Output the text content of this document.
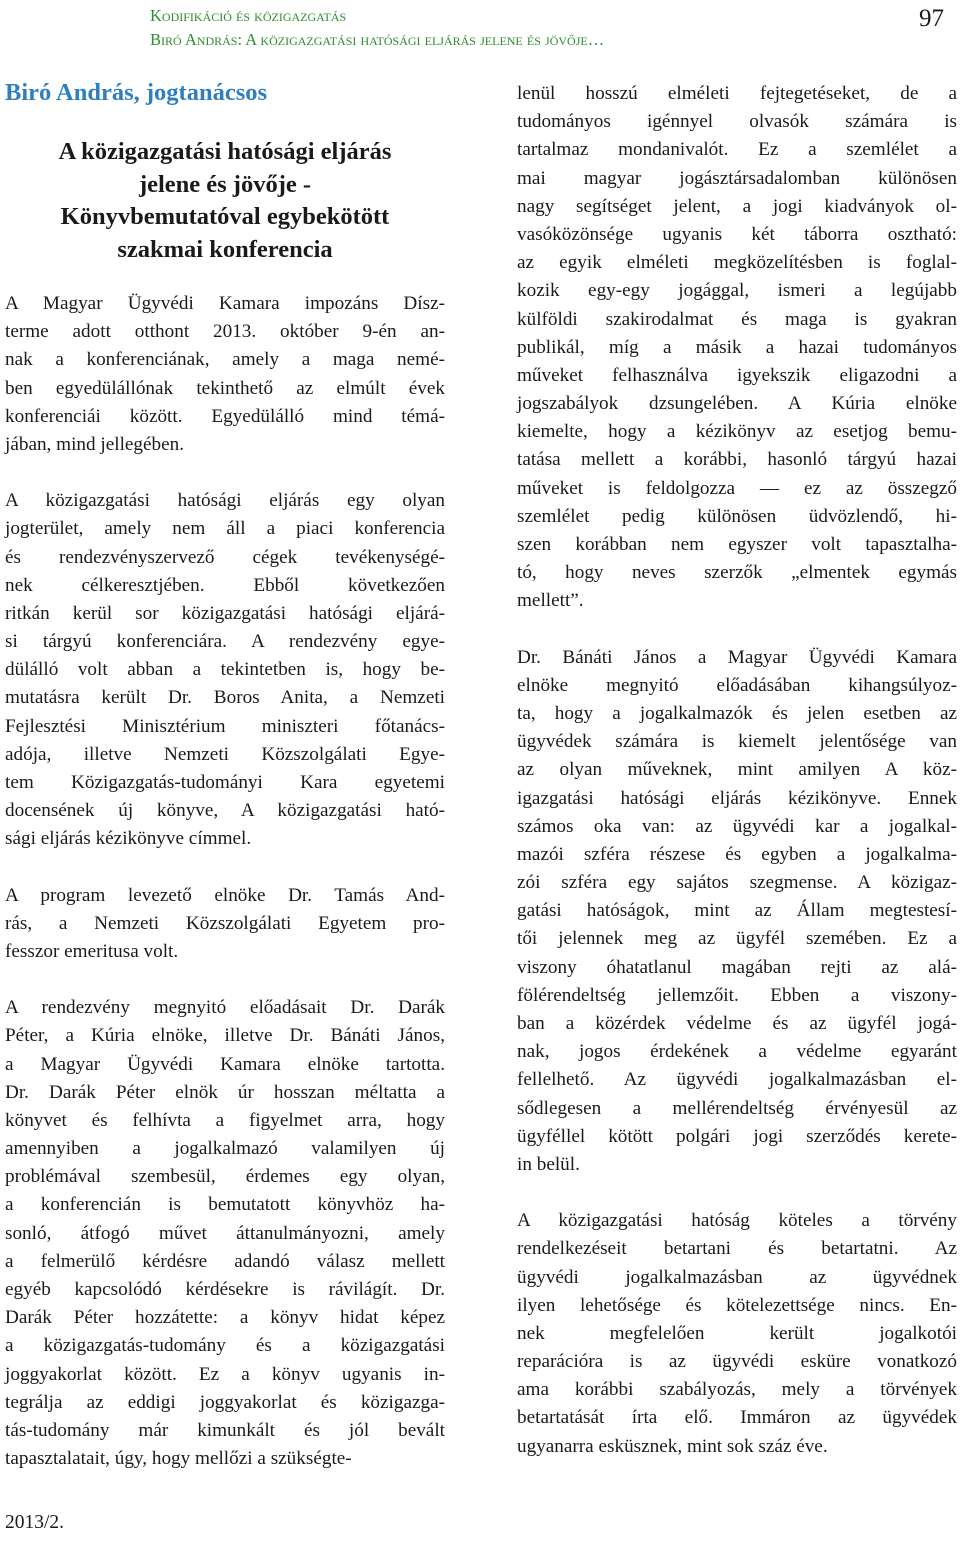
Kodifikáció és közigazgatás
Biró András: A közigazgatási hatósági eljárás jelene és jövője…
97
Biró András, jogtanácsos
A közigazgatási hatósági eljárás
jelene és jövője -
Könyvbemutatóval egybekötött
szakmai konferencia
A Magyar Ügyvédi Kamara impozáns Dísz-
terme adott otthont 2013. október 9-én an-
nak a konferenciának, amely a maga nemé-
ben egyedülállónak tekinthető az elmúlt évek
konferenciái között. Egyedülálló mind témá-
jában, mind jellegében.
A közigazgatási hatósági eljárás egy olyan
jogterület, amely nem áll a piaci konferencia
és rendezvényszervező cégek tevékenységé-
nek célkeresztjében. Ebből következően
ritkán kerül sor közigazgatási hatósági eljárá-
si tárgyú konferenciára. A rendezvény egye-
dülálló volt abban a tekintetben is, hogy be-
mutatásra került Dr. Boros Anita, a Nemzeti
Fejlesztési Minisztérium miniszteri főtanács-
adója, illetve Nemzeti Közszolgálati Egye-
tem Közigazgatás-tudományi Kara egyetemi
docensének új könyve, A közigazgatási ható-
sági eljárás kézikönyve címmel.
A program levezető elnöke Dr. Tamás And-
rás, a Nemzeti Közszolgálati Egyetem pro-
fesszor emeritusa volt.
A rendezvény megnyitó előadásait Dr. Darák
Péter, a Kúria elnöke, illetve Dr. Bánáti János,
a Magyar Ügyvédi Kamara elnöke tartotta.
Dr. Darák Péter elnök úr hosszan méltatta a
könyvet és felhívta a figyelmet arra, hogy
amennyiben a jogalkalmazó valamilyen új
problémával szembesül, érdemes egy olyan,
a konferencián is bemutatott könyvhöz ha-
sonló, átfogó művet áttanulmányozni, amely
a felmerülő kérdésre adandó válasz mellett
egyéb kapcsolódó kérdésekre is rávilágít. Dr.
Darák Péter hozzátette: a könyv hidat képez
a közigazgatás-tudomány és a közigazgatási
joggyakorlat között. Ez a könyv ugyanis in-
tegrálja az eddigi joggyakorlat és közigazga-
tás-tudomány már kimunkált és jól bevált
tapasztalatait, úgy, hogy mellőzi a szükségte-
lenül hosszú elméleti fejtegetéseket, de a
tudományos igénnyel olvasók számára is
tartalmaz mondanivalót. Ez a szemlélet a
mai magyar jogásztársadalomban különösen
nagy segítséget jelent, a jogi kiadványok ol-
vasóközönsége ugyanis két táborra osztható:
az egyik elméleti megközelítésben is foglal-
kozik egy-egy jogággal, ismeri a legújabb
külföldi szakirodalmat és maga is gyakran
publikál, míg a másik a hazai tudományos
műveket felhasználva igyekszik eligazodni a
jogszabályok dzsungelében. A Kúria elnöke
kiemelte, hogy a kézikönyv az esetjog bemu-
tatása mellett a korábbi, hasonló tárgyú hazai
műveket is feldolgozza — ez az összegző
szemlélet pedig különösen üdvözlendő, hi-
szen korábban nem egyszer volt tapasztalha-
tó, hogy neves szerzők „elmentek egymás
mellett”.
Dr. Bánáti János a Magyar Ügyvédi Kamara
elnöke megnyitó előadásában kihangsúlyoz-
ta, hogy a jogalkalmazók és jelen esetben az
ügyvédek számára is kiemelt jelentősége van
az olyan műveknek, mint amilyen A köz-
igazgatási hatósági eljárás kézikönyve. Ennek
számos oka van: az ügyvédi kar a jogalkal-
mazói szféra részese és egyben a jogalkalma-
zói szféra egy sajátos szegmense. A közigaz-
gatási hatóságok, mint az Állam megtestesí-
tői jelennek meg az ügyfél szemében. Ez a
viszony óhatatlanul magában rejti az alá-
fölérendeltség jellemzőit. Ebben a viszony-
ban a közérdek védelme és az ügyfél jogá-
nak, jogos érdekének a védelme egyaránt
fellelhető. Az ügyvédi jogalkalmazásban el-
sődlegesen a mellérendeltség érvényesül az
ügyféllel kötött polgári jogi szerződés kerete-
in belül.
A közigazgatási hatóság köteles a törvény
rendelkezéseit betartani és betartatni. Az
ügyvédi jogalkalmazásban az ügyvédnek
ilyen lehetősége és kötelezettsége nincs. En-
nek megfelelően került jogalkotói
reparációra is az ügyvédi esküre vonatkozó
ama korábbi szabályozás, mely a törvények
betartatását írta elő. Immáron az ügyvédek
ugyanarra esküsznek, mint sok száz éve.
2013/2.
